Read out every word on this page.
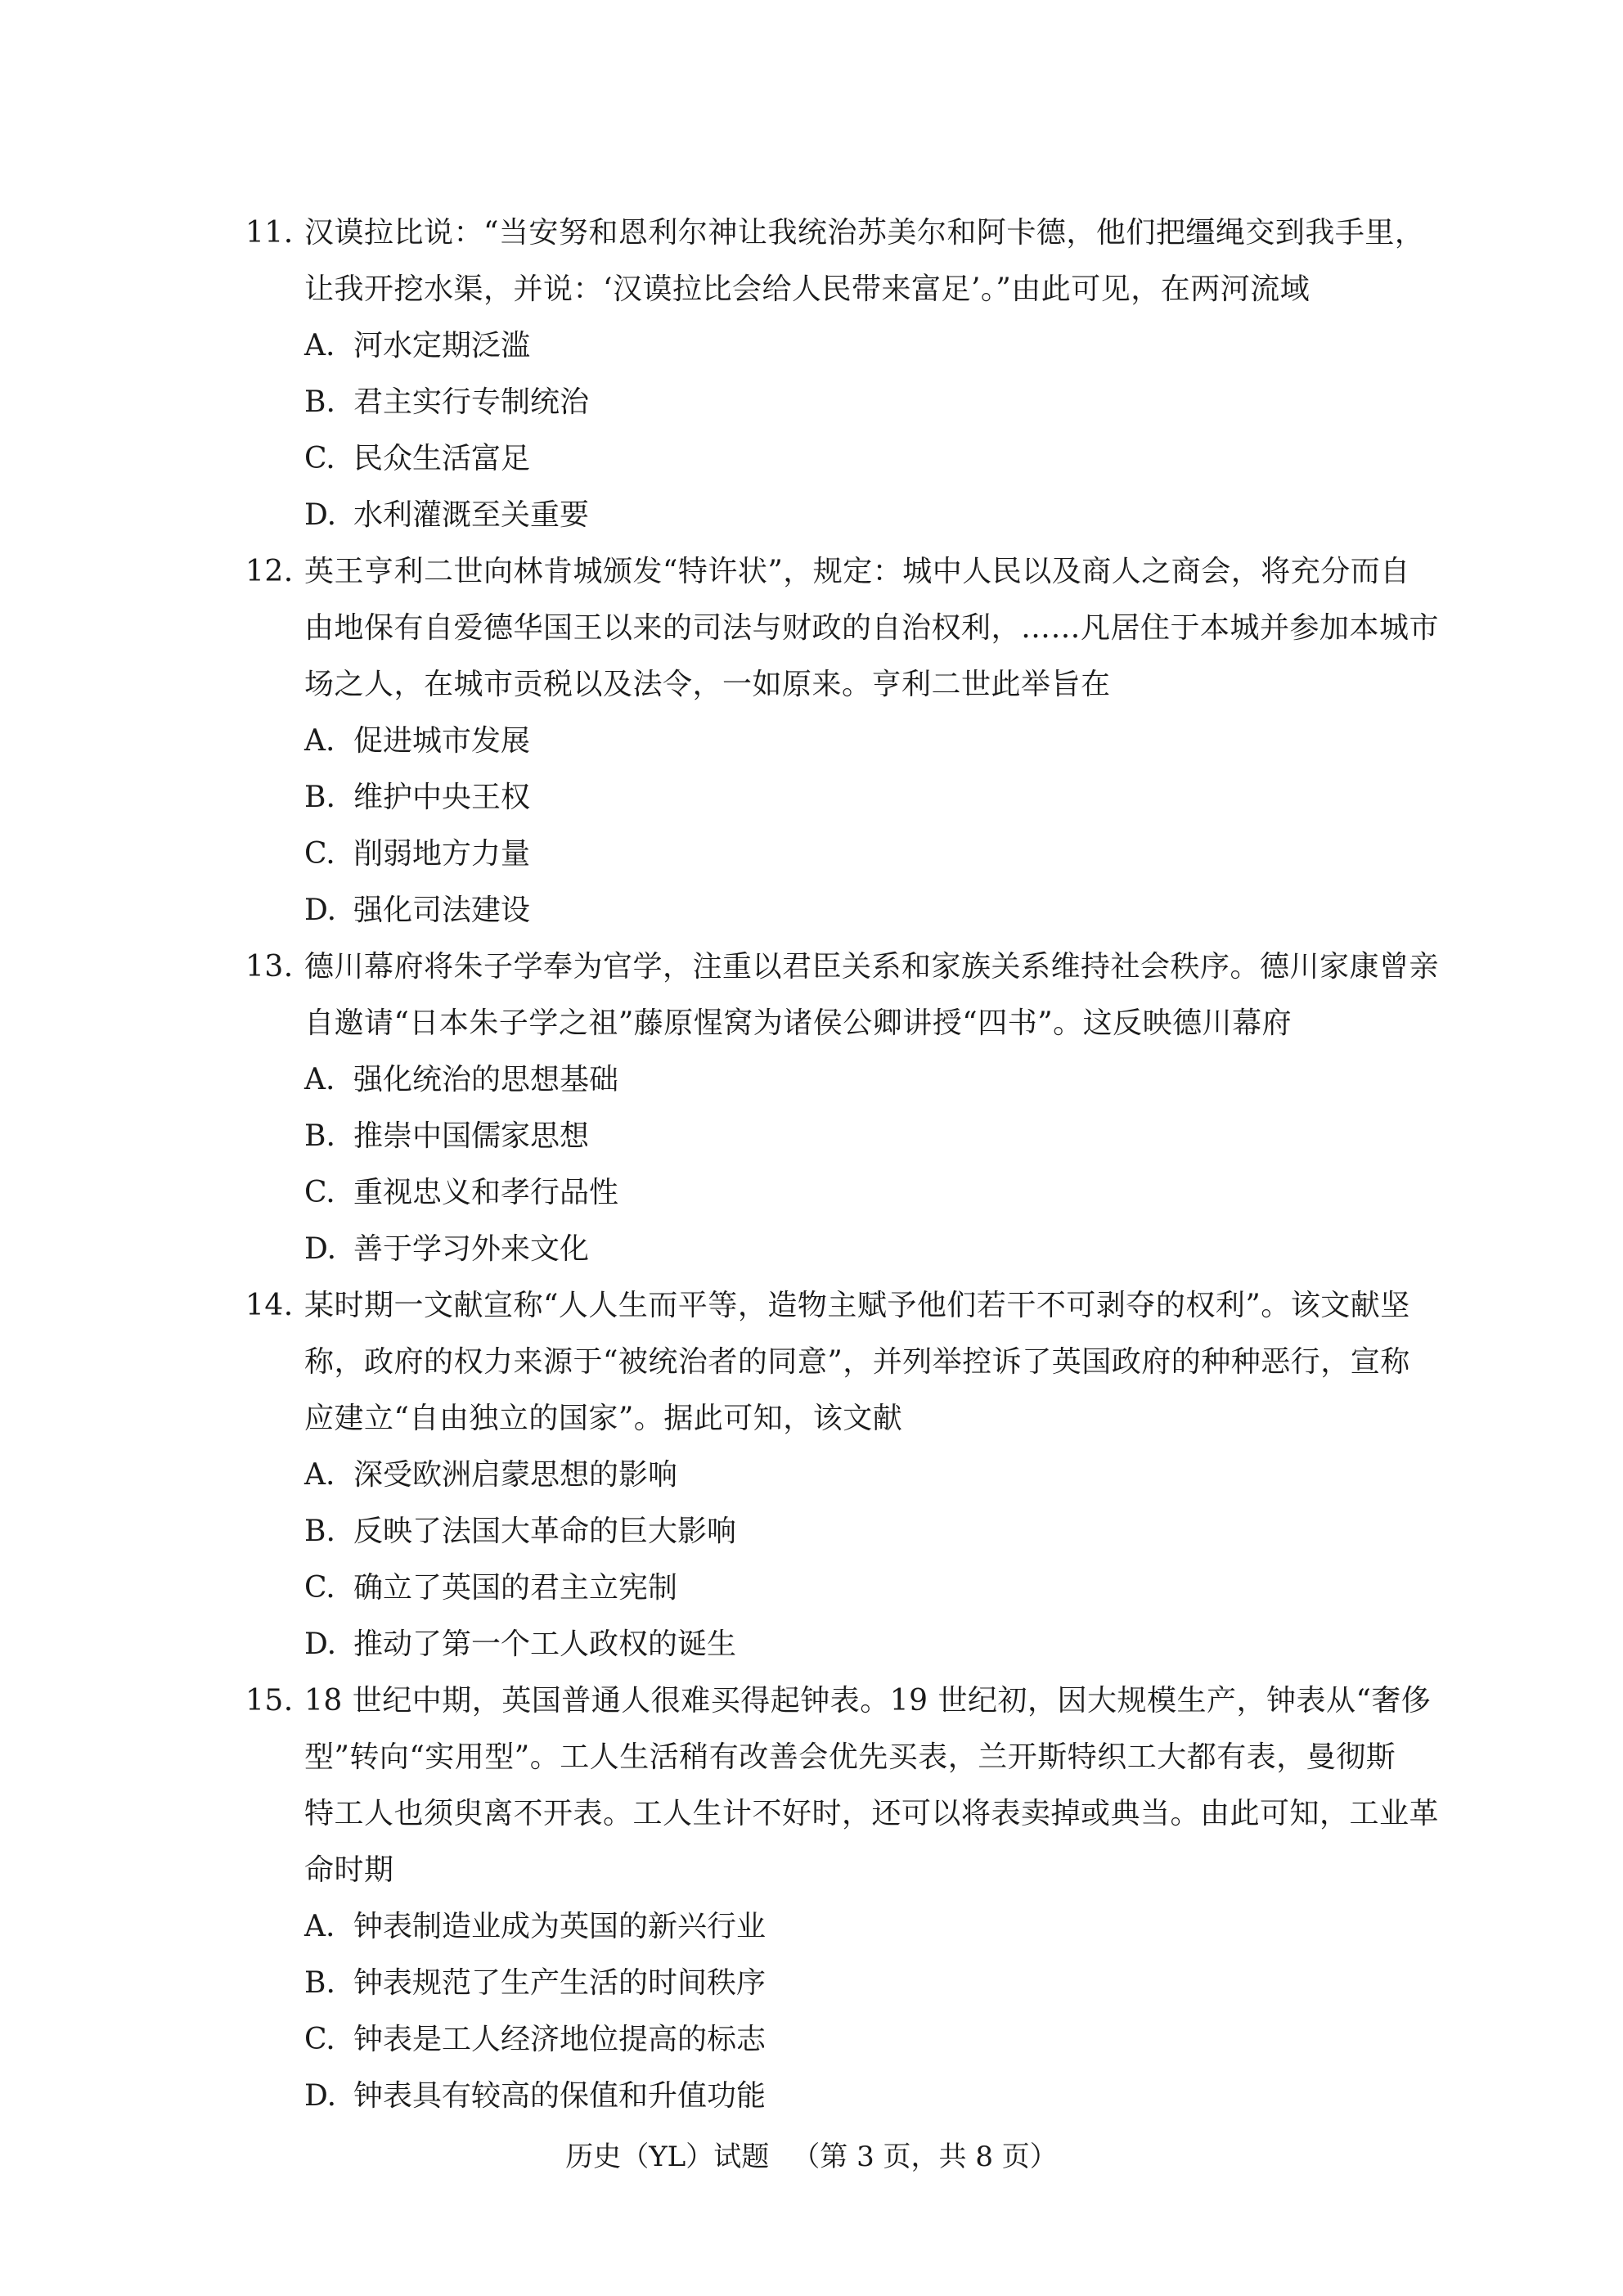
11. 汉谟拉比说：“当安努和恩利尔神让我统治苏美尔和阿卡德，他们把缰绳交到我手里，
让我开挖水渠，并说：‘汉谟拉比会给人民带来富足’。”由此可见，在两河流域
A. 河水定期泛滥
B. 君主实行专制统治
C. 民众生活富足
D. 水利灌溉至关重要
12. 英王亨利二世向林肯城颁发“特许状”，规定：城中人民以及商人之商会，将充分而自
由地保有自爱德华国王以来的司法与财政的自治权利，……凡居住于本城并参加本城市
场之人，在城市贡税以及法令，一如原来。亨利二世此举旨在
A. 促进城市发展
B. 维护中央王权
C. 削弱地方力量
D. 强化司法建设
13. 德川幕府将朱子学奉为官学，注重以君臣关系和家族关系维持社会秩序。德川家康曾亲
自邀请“日本朱子学之祖”藤原惺窝为诸侯公卿讲授“四书”。这反映德川幕府
A. 强化统治的思想基础
B. 推崇中国儒家思想
C. 重视忠义和孝行品性
D. 善于学习外来文化
14. 某时期一文献宣称“人人生而平等，造物主赋予他们若干不可剥夺的权利”。该文献坚
称，政府的权力来源于“被统治者的同意”，并列举控诉了英国政府的种种恶行，宣称
应建立“自由独立的国家”。据此可知，该文献
A. 深受欧洲启蒙思想的影响
B. 反映了法国大革命的巨大影响
C. 确立了英国的君主立宪制
D. 推动了第一个工人政权的诞生
15. 18 世纪中期，英国普通人很难买得起钟表。19 世纪初，因大规模生产，钟表从“奢侈
型”转向“实用型”。工人生活稍有改善会优先买表，兰开斯特织工大都有表，曼彻斯
特工人也须臾离不开表。工人生计不好时，还可以将表卖掉或典当。由此可知，工业革
命时期
A. 钟表制造业成为英国的新兴行业
B. 钟表规范了生产生活的时间秩序
C. 钟表是工人经济地位提高的标志
D. 钟表具有较高的保值和升值功能
历史（YL）试题 （第 3 页，共 8 页）
